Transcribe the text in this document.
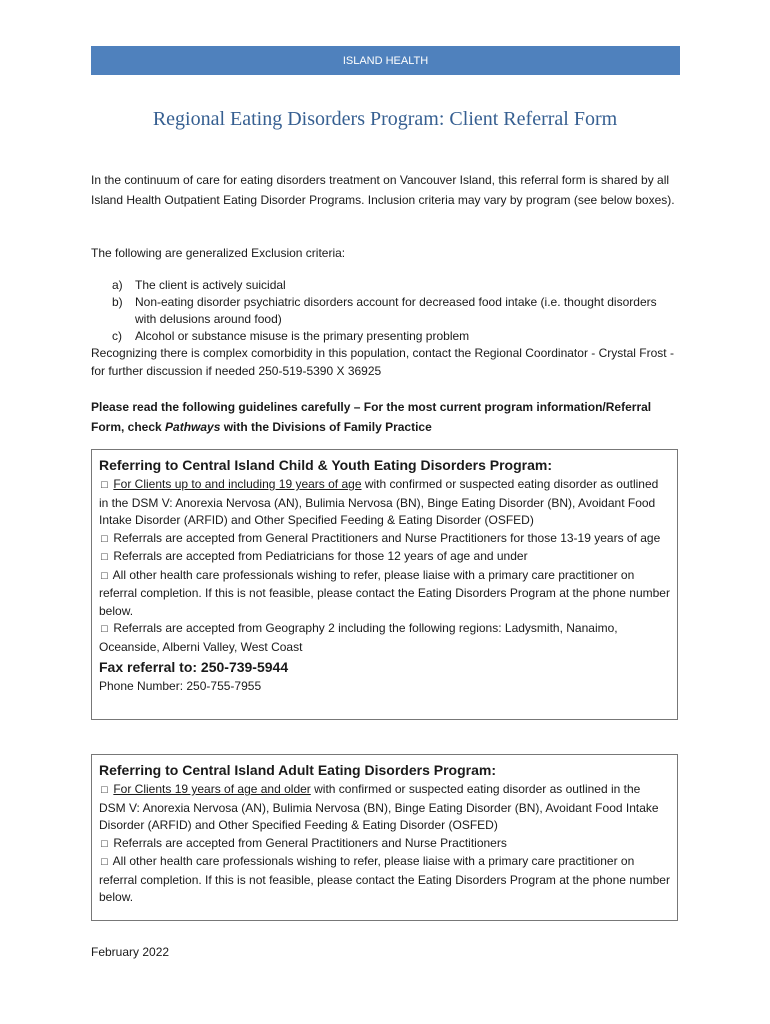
ISLAND HEALTH
Regional Eating Disorders Program: Client Referral Form

In the continuum of care for eating disorders treatment on Vancouver Island, this referral form is shared by all Island Health Outpatient Eating Disorder Programs. Inclusion criteria may vary by program (see below boxes).

The following are generalized Exclusion criteria:

a) The client is actively suicidal
b) Non-eating disorder psychiatric disorders account for decreased food intake (i.e. thought disorders with delusions around food)
c) Alcohol or substance misuse is the primary presenting problem

Recognizing there is complex comorbidity in this population, contact the Regional Coordinator - Crystal Frost - for further discussion if needed 250-519-5390 X 36925

Please read the following guidelines carefully – For the most current program information/Referral Form, check Pathways with the Divisions of Family Practice

Referring to Central Island Child & Youth Eating Disorders Program:

□ For Clients up to and including 19 years of age with confirmed or suspected eating disorder as outlined in the DSM V: Anorexia Nervosa (AN), Bulimia Nervosa (BN), Binge Eating Disorder (BN), Avoidant Food Intake Disorder (ARFID) and Other Specified Feeding & Eating Disorder (OSFED)

□ Referrals are accepted from General Practitioners and Nurse Practitioners for those 13-19 years of age

□ Referrals are accepted from Pediatricians for those 12 years of age and under

□ All other health care professionals wishing to refer, please liaise with a primary care practitioner on referral completion. If this is not feasible, please contact the Eating Disorders Program at the phone number below.

□ Referrals are accepted from Geography 2 including the following regions: Ladysmith, Nanaimo, Oceanside, Alberni Valley, West Coast

Fax referral to: 250-739-5944

Phone Number: 250-755-7955

Referring to Central Island Adult Eating Disorders Program:

□ For Clients 19 years of age and older with confirmed or suspected eating disorder as outlined in the DSM V: Anorexia Nervosa (AN), Bulimia Nervosa (BN), Binge Eating Disorder (BN), Avoidant Food Intake Disorder (ARFID) and Other Specified Feeding & Eating Disorder (OSFED)

□ Referrals are accepted from General Practitioners and Nurse Practitioners

□ All other health care professionals wishing to refer, please liaise with a primary care practitioner on referral completion. If this is not feasible, please contact the Eating Disorders Program at the phone number below.

February 2022
